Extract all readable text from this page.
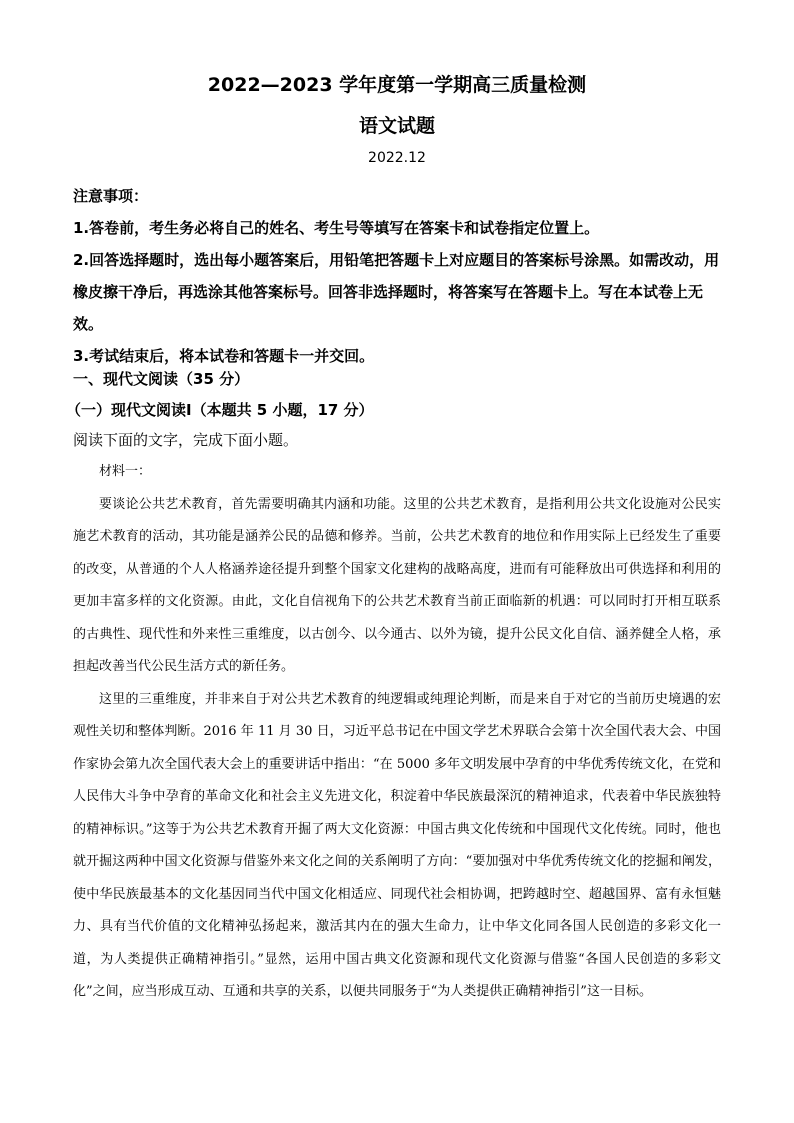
2022—2023 学年度第一学期高三质量检测
语文试题
2022.12

注意事项：

1.答卷前，考生务必将自己的姓名、考生号等填写在答案卡和试卷指定位置上。

2.回答选择题时，选出每小题答案后，用铅笔把答题卡上对应题目的答案标号涂黑。如需改动，用橡皮擦干净后，再选涂其他答案标号。回答非选择题时，将答案写在答题卡上。写在本试卷上无效。

3.考试结束后，将本试卷和答题卡一并交回。

一、现代文阅读（35 分）
（一）现代文阅读Ⅰ（本题共 5 小题，17 分）
阅读下面的文字，完成下面小题。

材料一：

要谈论公共艺术教育，首先需要明确其内涵和功能。这里的公共艺术教育，是指利用公共文化设施对公民实施艺术教育的活动，其功能是涵养公民的品德和修养。当前，公共艺术教育的地位和作用实际上已经发生了重要的改变，从普通的个人人格涵养途径提升到整个国家文化建构的战略高度，进而有可能释放出可供选择和利用的更加丰富多样的文化资源。由此，文化自信视角下的公共艺术教育当前正面临新的机遇：可以同时打开相互联系的古典性、现代性和外来性三重维度，以古创今、以今通古、以外为镜，提升公民文化自信、涵养健全人格，承担起改善当代公民生活方式的新任务。

这里的三重维度，并非来自于对公共艺术教育的纯逻辑或纯理论判断，而是来自于对它的当前历史境遇的宏观性关切和整体判断。2016 年 11 月 30 日，习近平总书记在中国文学艺术界联合会第十次全国代表大会、中国作家协会第九次全国代表大会上的重要讲话中指出：“在 5000 多年文明发展中孕育的中华优秀传统文化，在党和人民伟大斗争中孕育的革命文化和社会主义先进文化，积淀着中华民族最深沉的精神追求，代表着中华民族独特的精神标识。”这等于为公共艺术教育开掘了两大文化资源：中国古典文化传统和中国现代文化传统。同时，他也就开掘这两种中国文化资源与借鉴外来文化之间的关系阐明了方向：“要加强对中华优秀传统文化的挖掘和阐发，使中华民族最基本的文化基因同当代中国文化相适应、同现代社会相协调，把跨越时空、超越国界、富有永恒魅力、具有当代价值的文化精神弘扬起来，激活其内在的强大生命力，让中华文化同各国人民创造的多彩文化一道，为人类提供正确精神指引。”显然，运用中国古典文化资源和现代文化资源与借鉴“各国人民创造的多彩文化”之间，应当形成互动、互通和共享的关系，以便共同服务于“为人类提供正确精神指引”这一目标。
